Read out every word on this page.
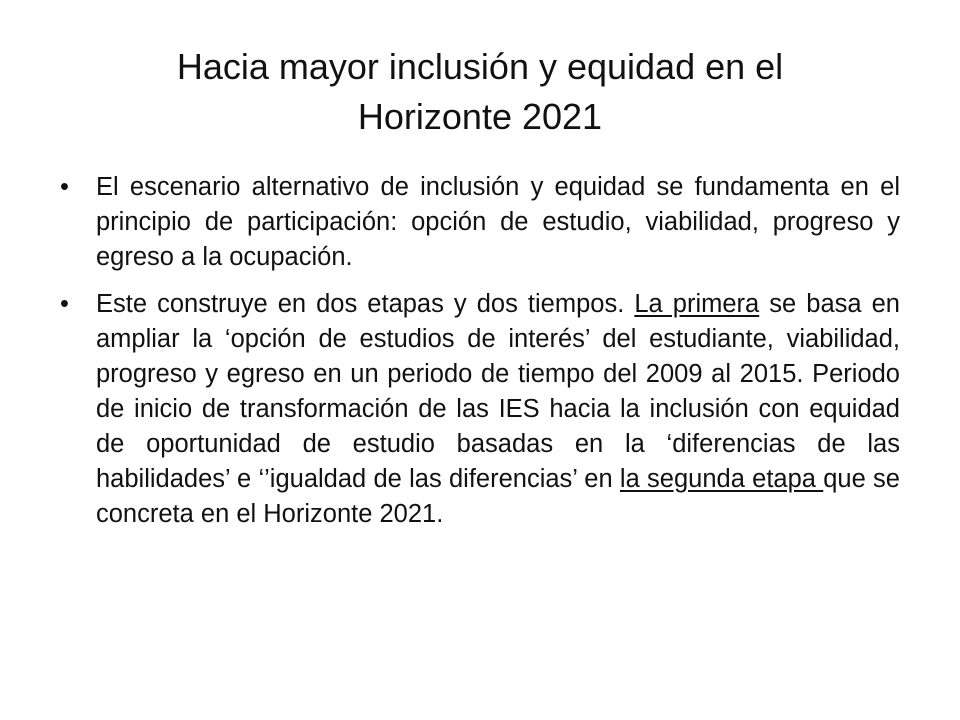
Hacia mayor inclusión y equidad en el
Horizonte 2021
•	El escenario alternativo de inclusión y equidad se fundamenta en el principio de participación: opción de estudio, viabilidad, progreso y egreso a la ocupación.
•	Este construye en dos etapas y dos tiempos. La primera se basa en ampliar la ‘opción de estudios de interés’ del estudiante, viabilidad, progreso y egreso en un periodo de tiempo del 2009 al 2015. Periodo de inicio de transformación de las IES hacia la inclusión con equidad de oportunidad de estudio basadas en la ‘diferencias de las habilidades’ e ‘’igualdad de las diferencias’ en la segunda etapa que se concreta en el Horizonte 2021.
